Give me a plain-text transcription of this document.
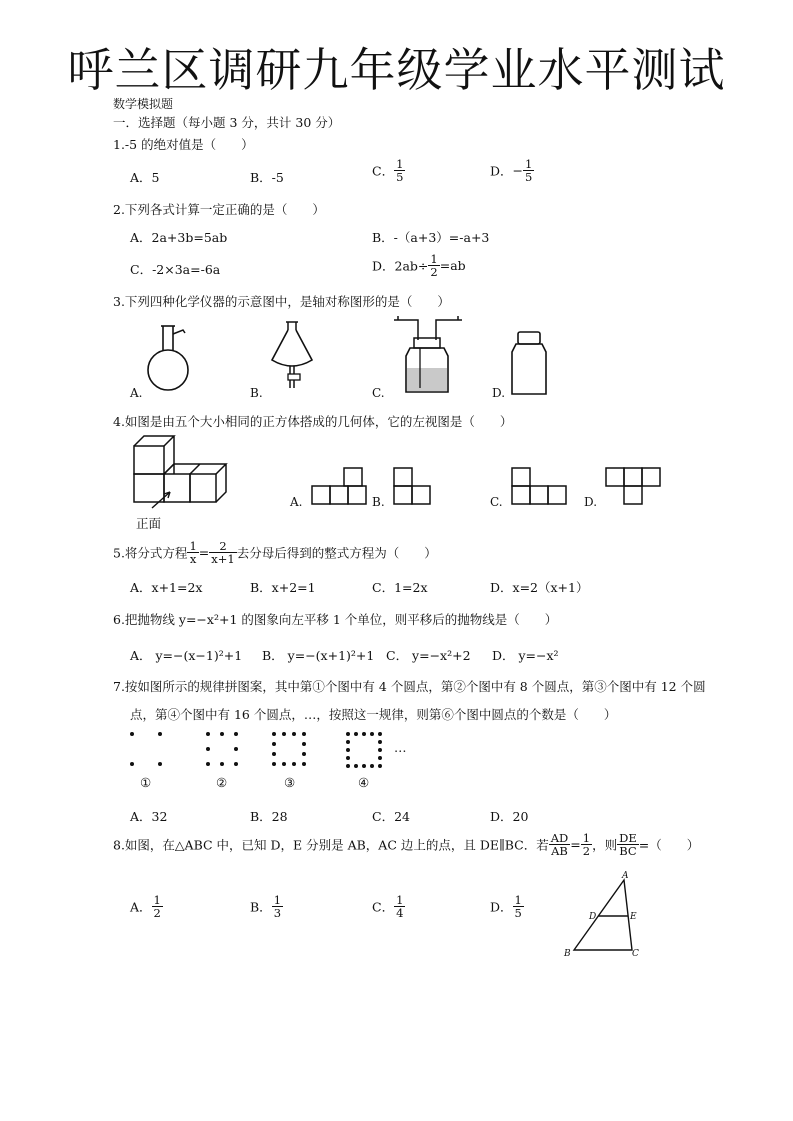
呼兰区调研九年级学业水平测试
数学模拟题
一．选择题（每小题 3 分，共计 30 分）
1.-5 的绝对值是（　　）
A．5	B．-5	C． $\frac{1}{5}$	D．− $\frac{1}{5}$
2.下列各式计算一定正确的是（　　）
A．2a+3b=5ab	B．-（a+3）=-a+3
C．-2×3a=-6a	D．$2ab\div \frac{1}{2} =ab$
3.下列四种化学仪器的示意图中，是轴对称图形的是（　　）
A.	B.	C.	D.
4.如图是由五个大小相同的正方体搭成的几何体，它的左视图是（　　）
正面
A.	B.	C.	D.
5.将分式方程 $\frac{1}{x} = \frac{2}{x+1}$ 去分母后得到的整式方程为（　　）
A．x+1=2x	B．x+2=1	C．1=2x	D．x=2（x+1）
6.把抛物线 y=−x²+1 的图象向左平移 1 个单位，则平移后的抛物线是（　　）
A． y=−(x−1)²+1 B． y=−(x+1)²+1 C． y=−x²+2 D． y=−x²
7.按如图所示的规律拼图案，其中第①个图中有 4 个圆点，第②个图中有 8 个圆点，第③个图中有 12 个圆
点，第④个图中有 16 个圆点，…，按照这一规律，则第⑥个图中圆点的个数是（　　）
…
①	②	③	④
A．32	B．28	C．24	D．20
8.如图，在△ABC 中，已知 D，E 分别是 AB，AC 边上的点，且 DE∥BC．若 $\frac{AD}{AB} = \frac{1}{2}$ ，则 $\frac{DE}{BC}$ =（　　）
A． $\frac{1}{2}$	B． $\frac{1}{3}$	C． $\frac{1}{4}$	D． $\frac{1}{5}$
A
D	E
B	C
